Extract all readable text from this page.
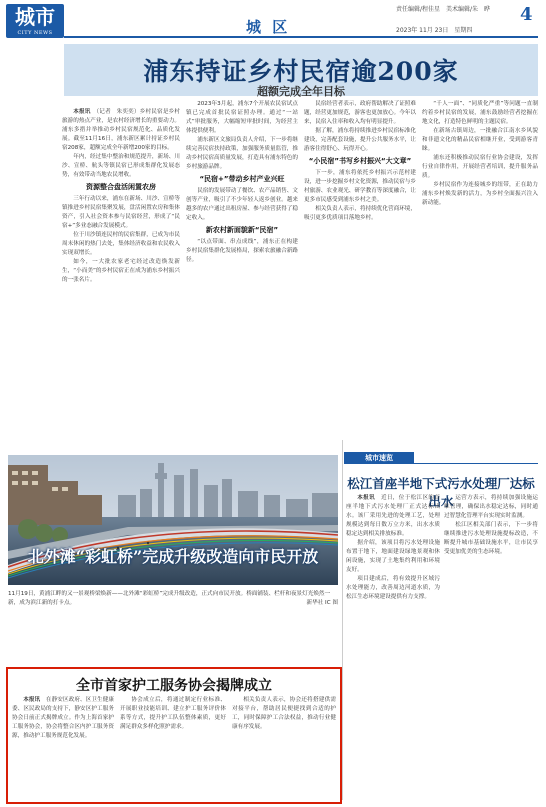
城市
CITY NEWS	城 区
责任编辑/程佳星　美术编辑/朱　晔
2023年 11月 23日　星期四
4
浦东持证乡村民宿逾200家
超额完成全年目标
本报讯　 （记者　朱奕奕）乡村民宿是乡村旅游的热点产业，是农村经济增长的重要动力。浦东多措并举推动乡村民宿规范化、品质化发展。截至11月16日，浦东新区累计持证乡村民宿208家，超额完成全年新增200家的目标。
年内，经过集中整治和规范提升，新场、川沙、宣桥、航头等镇民宿已形成集群化发展态势，有效带动当地农民增收。
资源整合盘活闲置农房
三年行动以来，浦东在新场、川沙、宣桥等镇推进乡村民宿集聚发展，盘活闲置农房和集体资产，引入社会资本参与民宿经营，形成了“民宿+”多业态融合发展模式。
位于川沙镇连民村的民宿集群，已成为市民周末休闲的热门去处，集体经济收益和农民收入实现双增长。
如今，一大批农家老宅经过改造焕发新生，“小而美”的乡村民宿正在成为浦东乡村振兴的一张名片。
2023年3月起，浦东7个开展农民宿试点镇已完成首批民宿证照办理。通过“一站式”审批服务，大幅缩短审批时间，为经营主体提供便利。
浦东新区文旅局负责人介绍，下一步将继续完善民宿扶持政策，加强服务质量监管，推动乡村民宿高质量发展，打造具有浦东特色的乡村旅游品牌。
“民宿+”带动乡村产业兴旺
民宿的发展带动了餐饮、农产品销售、文创等产业，吸引了不少年轻人返乡创业。越来越多的农户通过出租房屋、参与经营获得了稳定收入。
新农村新面貌新“民宿”
“以点带面、串点成线”，浦东正在构建乡村民宿集群化发展格局，探索农旅融合新路径。
民宿经营者表示，政府帮助解决了证照难题，经营更加规范，游客也更加放心。今年以来，民宿入住率和收入均有明显提升。
据了解，浦东将持续推进乡村民宿标准化建设，完善配套设施，提升公共服务水平，让游客住得舒心、玩得开心。
“小民宿”书写乡村振兴“大文章”
下一步，浦东将依托乡村振兴示范村建设，进一步挖掘乡村文化资源，推动民宿与乡村旅游、农业观光、研学教育等深度融合，让更多市民感受到浦东乡村之美。
相关负责人表示，将持续优化营商环境，吸引更多优质项目落地乡村。
“千人一面”、“同质化严重”等问题一直制约着乡村民宿的发展，浦东鼓励经营者挖掘在地文化，打造特色鲜明的主题民宿。
在新场古镇周边，一批融合江南水乡风貌和非遗文化的精品民宿相继开业，受到游客青睐。
浦东还积极推动民宿行业协会建设，发挥行业自律作用，开展经营者培训，提升服务品质。
乡村民宿作为连接城乡的纽带，正在助力浦东乡村焕发新的活力，为乡村全面振兴注入新动能。
北外滩“彩虹桥”完成升级改造向市民开放
11月19日，黄浦江畔的又一景观桥梁焕新——北外滩“彩虹桥”完成升级改造，正式向市民开放。桥面铺装、栏杆和夜景灯光焕然一新，成为滨江新的打卡点。	新华社 IC 图
城市速览
松江首座半地下式污水处理厂达标出水
本报讯　 近日，位于松江区的首座半地下式污水处理厂正式达标出水。该厂采用先进的处理工艺，处理规模达到每日数万立方米，出水水质稳定达到相关排放标准。
据介绍，该项目将污水处理设施布置于地下，地面建设绿地景观和休闲设施，实现了土地集约利用和环境友好。
项目建成后，将有效提升区域污水处理能力，改善周边河道水质，为松江生态环境建设提供有力支撑。
运营方表示，将持续加强设施运维管理，确保出水稳定达标，同时通过智慧化管理平台实现实时监测。
松江区相关部门表示，下一步将继续推进污水处理设施提标改造，不断提升城市基础设施水平，让市民享受更加优美的生态环境。
全市首家护工服务协会揭牌成立
本报讯　 在静安区政府、区卫生健康委、区民政局的支持下，静安区护工服务协会日前正式揭牌成立。作为上海首家护工服务协会，协会将整合区内护工服务资源，推动护工服务规范化发展。
协会成立后，将通过制定行业标准、开展职业技能培训、建立护工服务评价体系等方式，提升护工队伍整体素质，更好满足群众多样化照护需求。
相关负责人表示，协会还将搭建供需对接平台，帮助居民便捷找到合适的护工，同时保障护工合法权益，推动行业健康有序发展。
